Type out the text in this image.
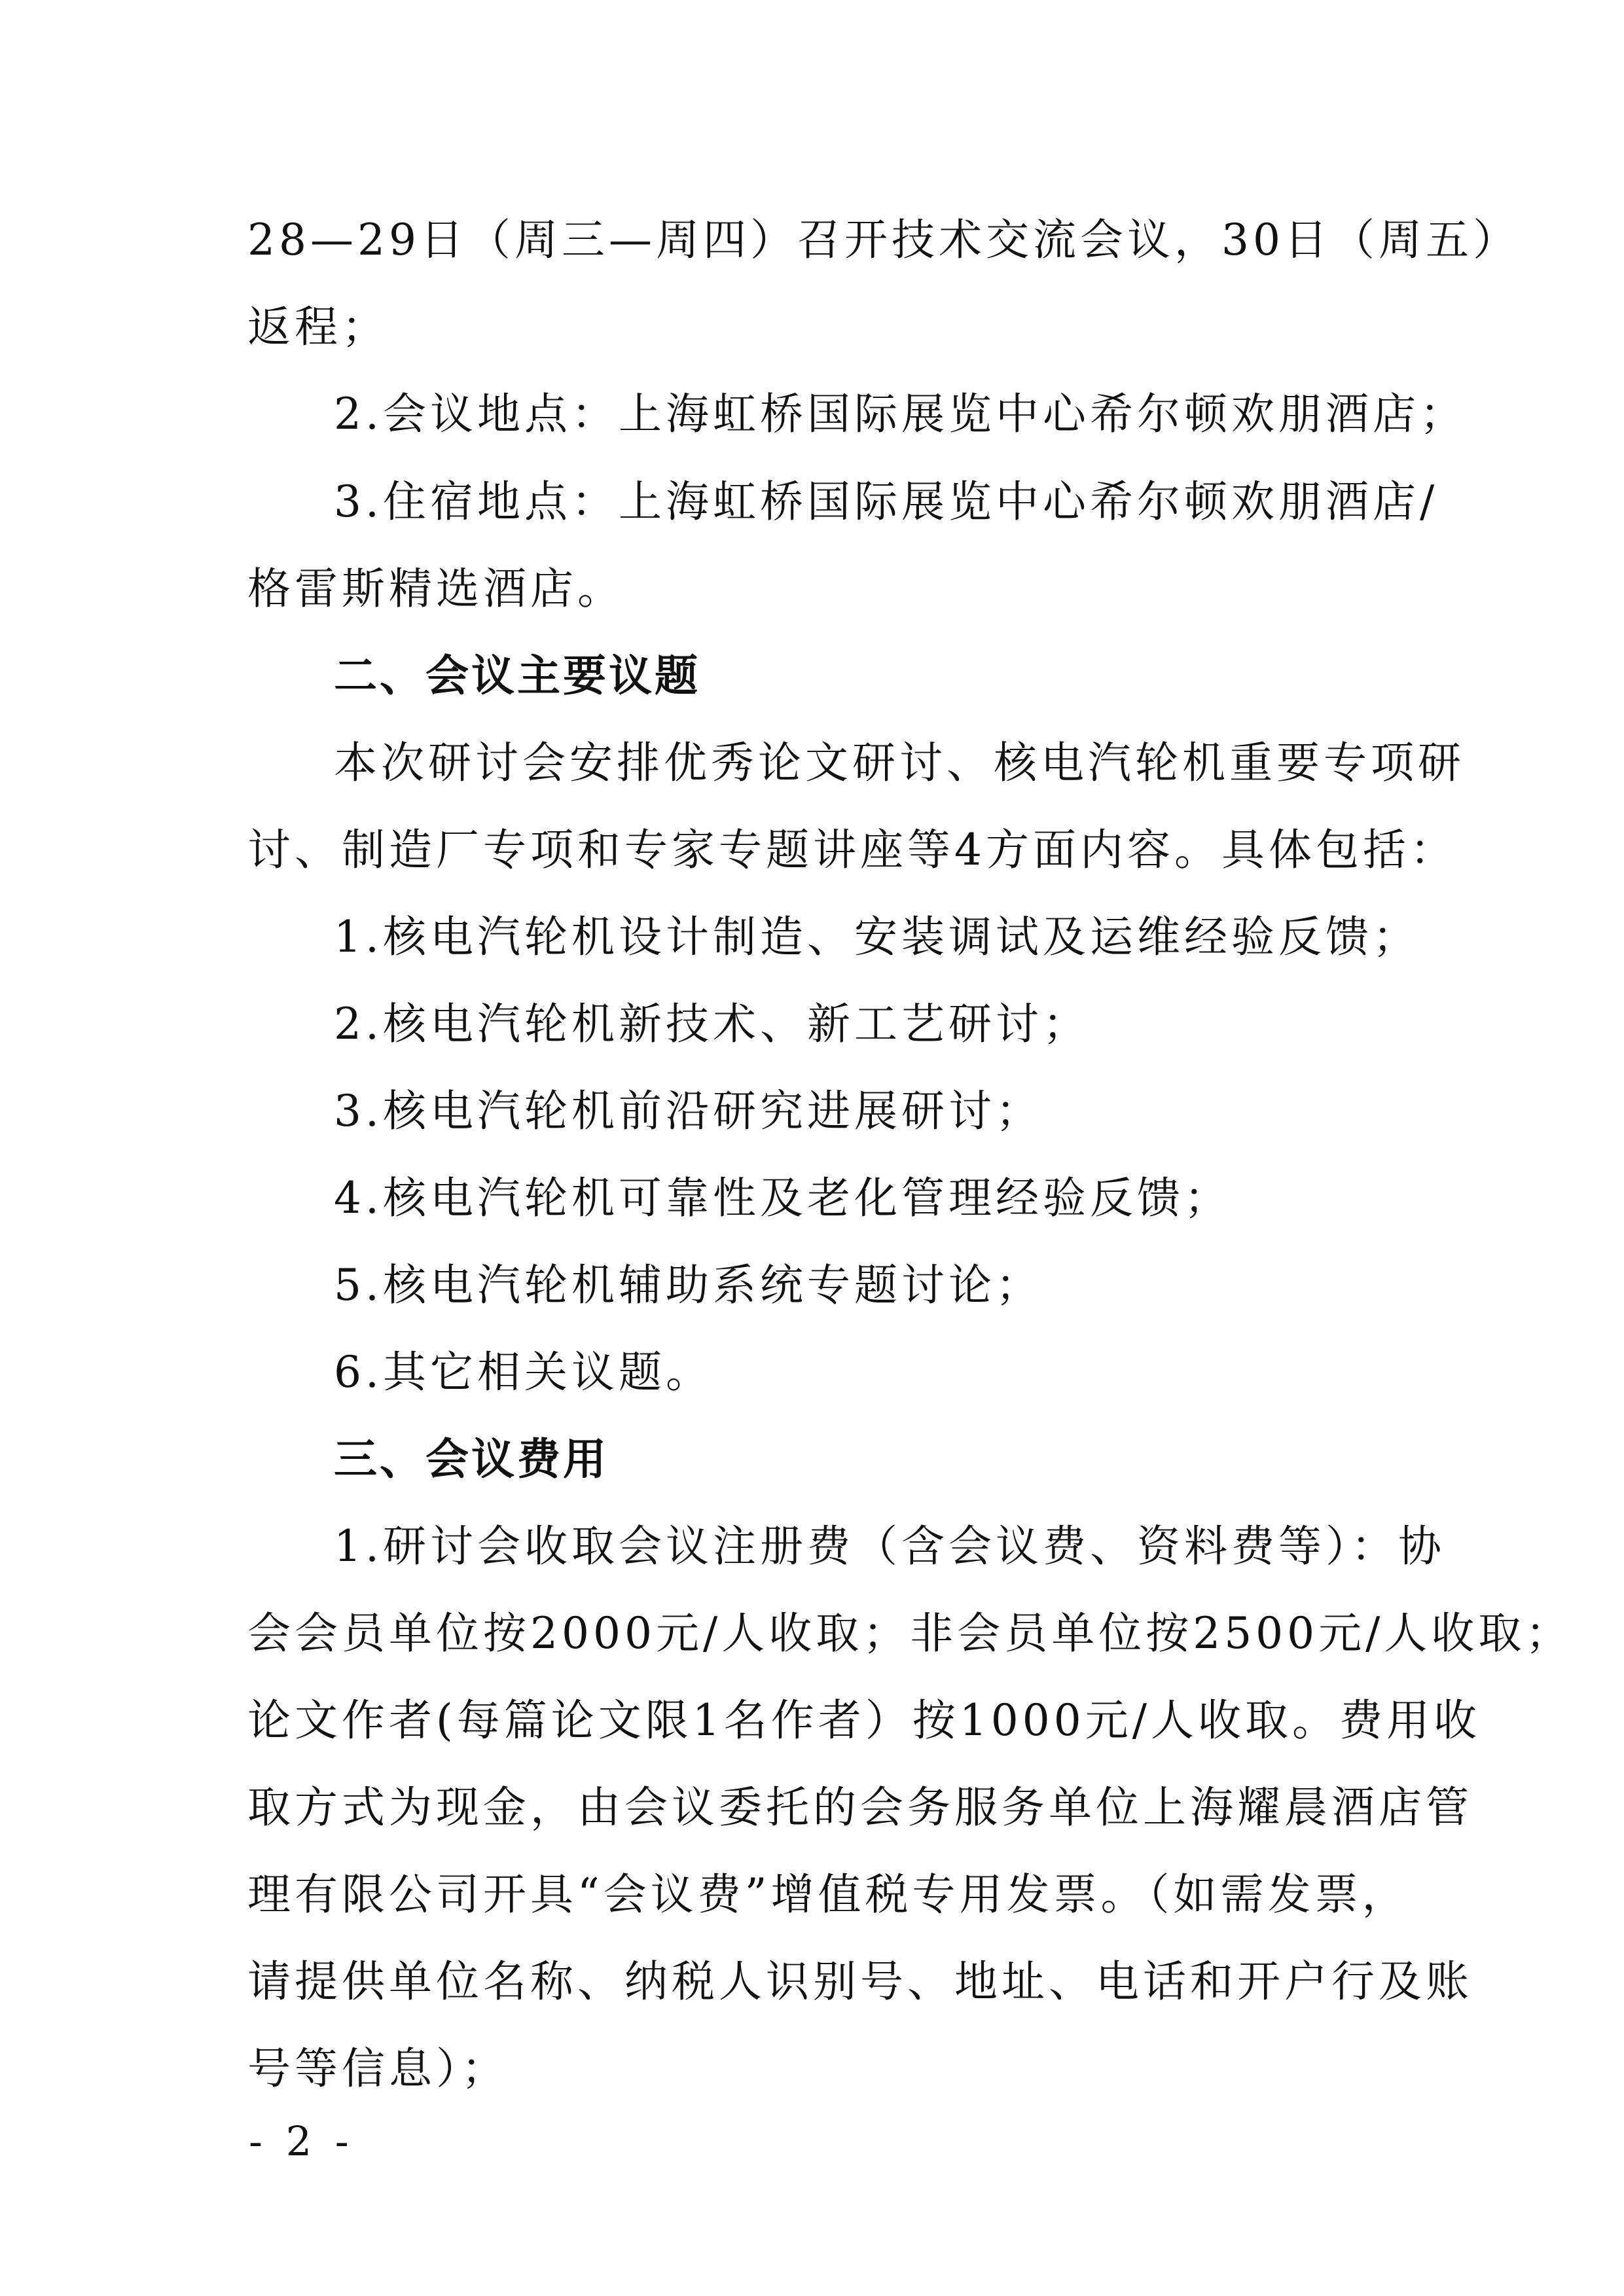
28—29日（周三—周四）召开技术交流会议，30日（周五）
返程；
2.会议地点：上海虹桥国际展览中心希尔顿欢朋酒店；
3.住宿地点：上海虹桥国际展览中心希尔顿欢朋酒店/
格雷斯精选酒店。
二、会议主要议题
本次研讨会安排优秀论文研讨、核电汽轮机重要专项研
讨、制造厂专项和专家专题讲座等4方面内容。具体包括：
1.核电汽轮机设计制造、安装调试及运维经验反馈；
2.核电汽轮机新技术、新工艺研讨；
3.核电汽轮机前沿研究进展研讨；
4.核电汽轮机可靠性及老化管理经验反馈；
5.核电汽轮机辅助系统专题讨论；
6.其它相关议题。
三、会议费用
1.研讨会收取会议注册费（含会议费、资料费等）：协
会会员单位按2000元/人收取；非会员单位按2500元/人收取；
论文作者(每篇论文限1名作者）按1000元/人收取。费用收
取方式为现金，由会议委托的会务服务单位上海耀晨酒店管
理有限公司开具“会议费”增值税专用发票。（如需发票，
请提供单位名称、纳税人识别号、地址、电话和开户行及账
号等信息）；
- 2 -
